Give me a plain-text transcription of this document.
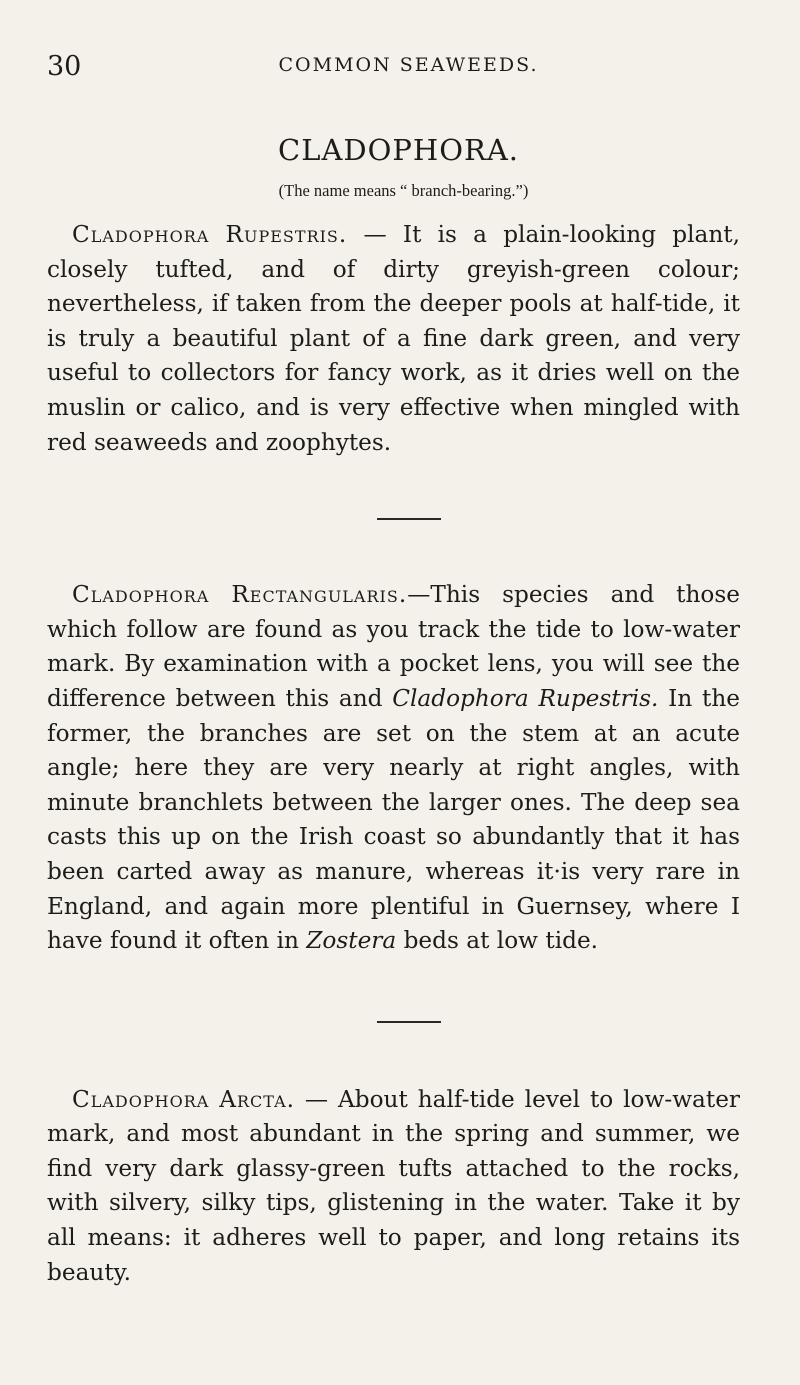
30	COMMON SEAWEEDS.
CLADOPHORA.

(The name means “ branch-bearing.”)

Cladophora Rupestris. — It is a plain-looking plant, closely tufted, and of dirty greyish-green colour; nevertheless, if taken from the deeper pools at half-tide, it is truly a beautiful plant of a fine dark green, and very useful to collectors for fancy work, as it dries well on the muslin or calico, and is very effective when mingled with red seaweeds and zoophytes.

Cladophora Rectangularis.—This species and those which follow are found as you track the tide to low-water mark. By examination with a pocket lens, you will see the difference between this and Cladophora Rupestris. In the former, the branches are set on the stem at an acute angle; here they are very nearly at right angles, with minute branchlets between the larger ones. The deep sea casts this up on the Irish coast so abundantly that it has been carted away as manure, whereas it·is very rare in England, and again more plentiful in Guernsey, where I have found it often in Zostera beds at low tide.

Cladophora Arcta. — About half-tide level to low-water mark, and most abundant in the spring and summer, we find very dark glassy-green tufts attached to the rocks, with silvery, silky tips, glistening in the water. Take it by all means: it adheres well to paper, and long retains its beauty.
